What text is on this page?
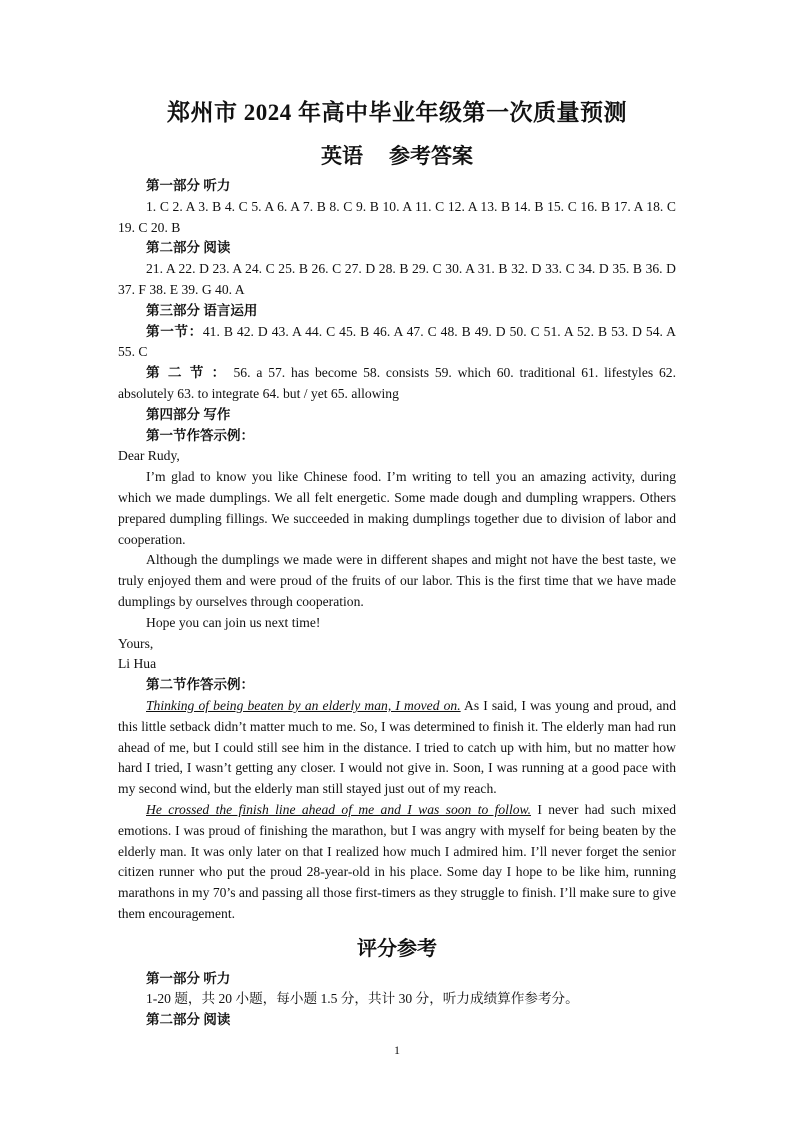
郑州市 2024 年高中毕业年级第一次质量预测
英语 参考答案

第一部分 听力

1. C 2. A 3. B 4. C 5. A 6. A 7. B 8. C 9. B 10. A 11. C 12. A 13. B 14. B 15. C 16. B 17. A 18. C 19. C 20. B

第二部分 阅读

21. A 22. D 23. A 24. C 25. B 26. C 27. D 28. B 29. C 30. A 31. B 32. D 33. C 34. D 35. B 36. D 37. F 38. E 39. G 40. A

第三部分 语言运用

第一节：41. B 42. D 43. A 44. C 45. B 46. A 47. C 48. B 49. D 50. C 51. A 52. B 53. D 54. A 55. C

第 二 节 ： 56. a 57. has become 58. consists 59. which 60. traditional 61. lifestyles 62. absolutely 63. to integrate 64. but / yet 65. allowing

第四部分 写作

第一节作答示例：

Dear Rudy,

I’m glad to know you like Chinese food. I’m writing to tell you an amazing activity, during which we made dumplings. We all felt energetic. Some made dough and dumpling wrappers. Others prepared dumpling fillings. We succeeded in making dumplings together due to division of labor and cooperation.

Although the dumplings we made were in different shapes and might not have the best taste, we truly enjoyed them and were proud of the fruits of our labor. This is the first time that we have made dumplings by ourselves through cooperation.

Hope you can join us next time!

Yours,

Li Hua

第二节作答示例：

Thinking of being beaten by an elderly man, I moved on. As I said, I was young and proud, and this little setback didn’t matter much to me. So, I was determined to finish it. The elderly man had run ahead of me, but I could still see him in the distance. I tried to catch up with him, but no matter how hard I tried, I wasn’t getting any closer. I would not give in. Soon, I was running at a good pace with my second wind, but the elderly man still stayed just out of my reach.

He crossed the finish line ahead of me and I was soon to follow. I never had such mixed emotions. I was proud of finishing the marathon, but I was angry with myself for being beaten by the elderly man. It was only later on that I realized how much I admired him. I’ll never forget the senior citizen runner who put the proud 28-year-old in his place. Some day I hope to be like him, running marathons in my 70’s and passing all those first-timers as they struggle to finish. I’ll make sure to give them encouragement.

评分参考

第一部分 听力

1-20 题，共 20 小题，每小题 1.5 分，共计 30 分，听力成绩算作参考分。

第二部分 阅读

1
